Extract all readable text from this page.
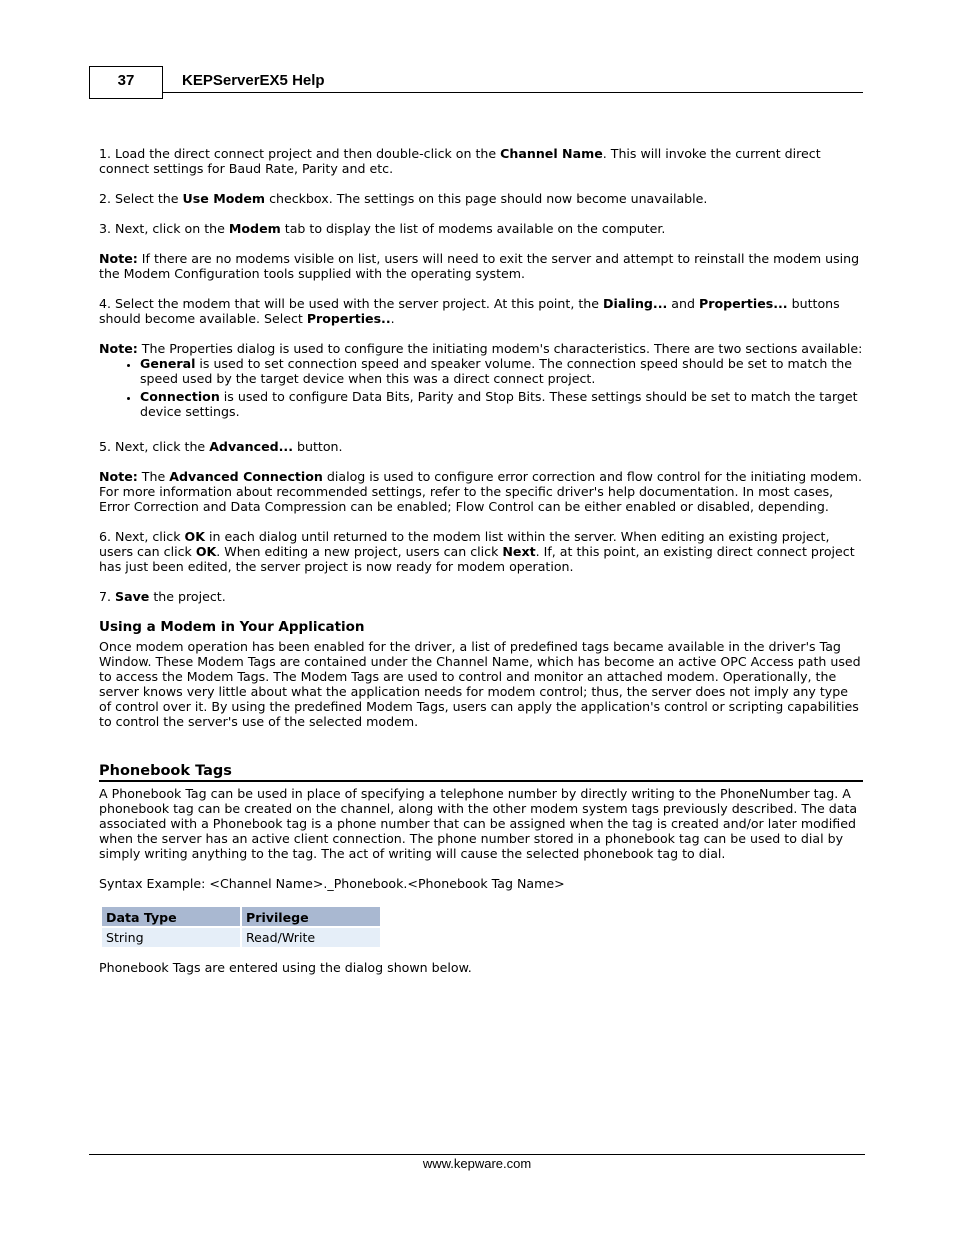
37	KEPServerEX5 Help

1. Load the direct connect project and then double-click on the Channel Name. This will invoke the current direct connect settings for Baud Rate, Parity and etc.

2. Select the Use Modem checkbox. The settings on this page should now become unavailable.

3. Next, click on the Modem tab to display the list of modems available on the computer.

Note: If there are no modems visible on list, users will need to exit the server and attempt to reinstall the modem using the Modem Configuration tools supplied with the operating system.

4. Select the modem that will be used with the server project. At this point, the Dialing... and Properties... buttons should become available. Select Properties...

Note: The Properties dialog is used to configure the initiating modem's characteristics. There are two sections available:

• General is used to set connection speed and speaker volume. The connection speed should be set to match the speed used by the target device when this was a direct connect project.
• Connection is used to configure Data Bits, Parity and Stop Bits. These settings should be set to match the target device settings.

5. Next, click the Advanced... button.

Note: The Advanced Connection dialog is used to configure error correction and flow control for the initiating modem. For more information about recommended settings, refer to the specific driver's help documentation. In most cases, Error Correction and Data Compression can be enabled; Flow Control can be either enabled or disabled, depending.

6. Next, click OK in each dialog until returned to the modem list within the server. When editing an existing project, users can click OK. When editing a new project, users can click Next. If, at this point, an existing direct connect project has just been edited, the server project is now ready for modem operation.

7. Save the project.

Using a Modem in Your Application

Once modem operation has been enabled for the driver, a list of predefined tags became available in the driver's Tag Window. These Modem Tags are contained under the Channel Name, which has become an active OPC Access path used to access the Modem Tags. The Modem Tags are used to control and monitor an attached modem. Operationally, the server knows very little about what the application needs for modem control; thus, the server does not imply any type of control over it. By using the predefined Modem Tags, users can apply the application's control or scripting capabilities to control the server's use of the selected modem.

Phonebook Tags

A Phonebook Tag can be used in place of specifying a telephone number by directly writing to the PhoneNumber tag. A phonebook tag can be created on the channel, along with the other modem system tags previously described. The data associated with a Phonebook tag is a phone number that can be assigned when the tag is created and/or later modified when the server has an active client connection. The phone number stored in a phonebook tag can be used to dial by simply writing anything to the tag. The act of writing will cause the selected phonebook tag to dial.

Syntax Example: <Channel Name>._Phonebook.<Phonebook Tag Name>

Data Type	Privilege
String	Read/Write

Phonebook Tags are entered using the dialog shown below.

www.kepware.com
